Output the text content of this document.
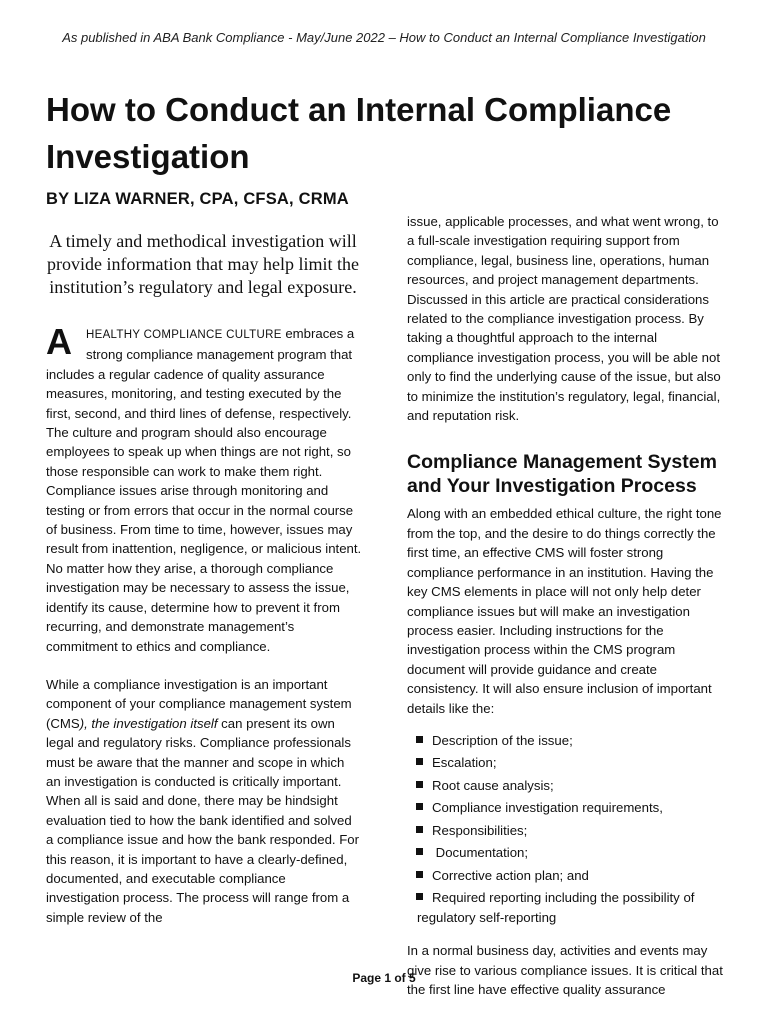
As published in ABA Bank Compliance - May/June 2022 – How to Conduct an Internal Compliance Investigation
How to Conduct an Internal Compliance Investigation
BY LIZA WARNER, CPA, CFSA, CRMA

A timely and methodical investigation will provide information that may help limit the institution’s regulatory and legal exposure.

A HEALTHY COMPLIANCE CULTURE embraces a strong compliance management program that includes a regular cadence of quality assurance measures, monitoring, and testing executed by the first, second, and third lines of defense, respectively. The culture and program should also encourage employees to speak up when things are not right, so those responsible can work to make them right. Compliance issues arise through monitoring and testing or from errors that occur in the normal course of business. From time to time, however, issues may result from inattention, negligence, or malicious intent. No matter how they arise, a thorough compliance investigation may be necessary to assess the issue, identify its cause, determine how to prevent it from recurring, and demonstrate management’s commitment to ethics and compliance.

While a compliance investigation is an important component of your compliance management system (CMS), the investigation itself can present its own legal and regulatory risks. Compliance professionals must be aware that the manner and scope in which an investigation is conducted is critically important. When all is said and done, there may be hindsight evaluation tied to how the bank identified and solved a compliance issue and how the bank responded. For this reason, it is important to have a clearly-defined, documented, and executable compliance investigation process. The process will range from a simple review of the

issue, applicable processes, and what went wrong, to a full-scale investigation requiring support from compliance, legal, business line, operations, human resources, and project management departments. Discussed in this article are practical considerations related to the compliance investigation process. By taking a thoughtful approach to the internal compliance investigation process, you will be able not only to find the underlying cause of the issue, but also to minimize the institution’s regulatory, legal, financial, and reputation risk.

Compliance Management System and Your Investigation Process

Along with an embedded ethical culture, the right tone from the top, and the desire to do things correctly the first time, an effective CMS will foster strong compliance performance in an institution. Having the key CMS elements in place will not only help deter compliance issues but will make an investigation process easier. Including instructions for the investigation process within the CMS program document will provide guidance and create consistency. It will also ensure inclusion of important details like the:

Description of the issue;
Escalation;
Root cause analysis;
Compliance investigation requirements,
Responsibilities;
Documentation;
Corrective action plan; and
Required reporting including the possibility of
regulatory self-reporting

In a normal business day, activities and events may give rise to various compliance issues. It is critical that the first line have effective quality assurance

Page 1 of 5
